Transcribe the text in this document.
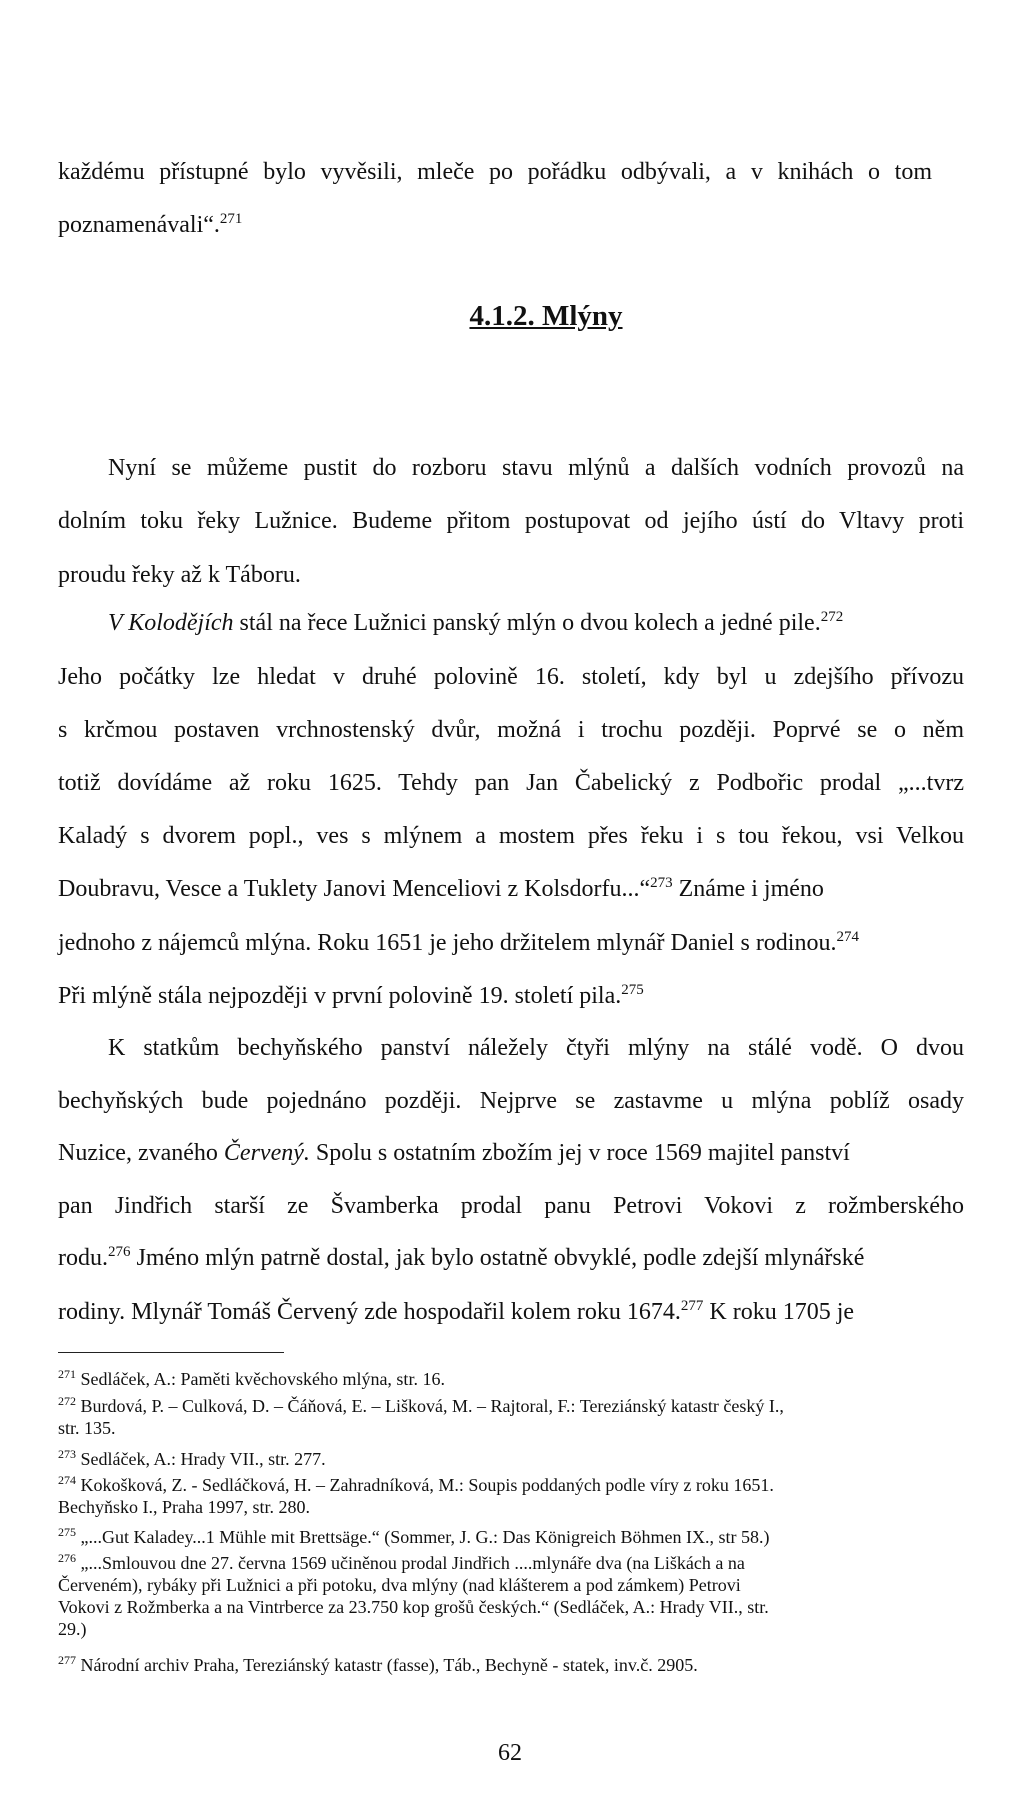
každému přístupné bylo vyvěsili, mleče po pořádku odbývali, a v knihách o tom
poznamenávali“.$^{271}$
4.1.2. Mlýny
Nyní se můžeme pustit do rozboru stavu mlýnů a dalších vodních provozů na
dolním toku řeky Lužnice. Budeme přitom postupovat od jejího ústí do Vltavy proti
proudu řeky až k Táboru.
V Kolodějích stál na řece Lužnici panský mlýn o dvou kolech a jedné pile.$^{272}$
Jeho počátky lze hledat v druhé polovině 16. století, kdy byl u zdejšího přívozu
s krčmou postaven vrchnostenský dvůr, možná i trochu později. Poprvé se o něm
totiž dovídáme až roku 1625. Tehdy pan Jan Čabelický z Podbořic prodal „...tvrz
Kaladý s dvorem popl., ves s mlýnem a mostem přes řeku i s tou řekou, vsi Velkou
Doubravu, Vesce a Tuklety Janovi Menceliovi z Kolsdorfu...“$^{273}$ Známe i jméno
jednoho z nájemců mlýna. Roku 1651 je jeho držitelem mlynář Daniel s rodinou.$^{274}$
Při mlýně stála nejpozději v první polovině 19. století pila.$^{275}$
K statkům bechyňského panství náležely čtyři mlýny na stálé vodě. O dvou
bechyňských bude pojednáno později. Nejprve se zastavme u mlýna poblíž osady
Nuzice, zvaného Červený. Spolu s ostatním zbožím jej v roce 1569 majitel panství
pan Jindřich starší ze Švamberka prodal panu Petrovi Vokovi z rožmberského
rodu.$^{276}$ Jméno mlýn patrně dostal, jak bylo ostatně obvyklé, podle zdejší mlynářské
rodiny. Mlynář Tomáš Červený zde hospodařil kolem roku 1674.$^{277}$ K roku 1705 je
$^{271}$ Sedláček, A.: Paměti kvěchovského mlýna, str. 16.
$^{272}$ Burdová, P. – Culková, D. – Čáňová, E. – Lišková, M. – Rajtoral, F.: Tereziánský katastr český I.,
str. 135.
$^{273}$ Sedláček, A.: Hrady VII., str. 277.
$^{274}$ Kokošková, Z. - Sedláčková, H. – Zahradníková, M.: Soupis poddaných podle víry z roku 1651.
Bechyňsko I., Praha 1997, str. 280.
$^{275}$ „...Gut Kaladey...1 Mühle mit Brettsäge.“ (Sommer, J. G.: Das Königreich Böhmen IX., str 58.)
$^{276}$ „...Smlouvou dne 27. června 1569 učiněnou prodal Jindřich ....mlynáře dva (na Liškách a na
Červeném), rybáky při Lužnici a při potoku, dva mlýny (nad klášterem a pod zámkem) Petrovi
Vokovi z Rožmberka a na Vintrberce za 23.750 kop grošů českých.“ (Sedláček, A.: Hrady VII., str.
29.)
$^{277}$ Národní archiv Praha, Tereziánský katastr (fasse), Táb., Bechyně - statek, inv.č. 2905.
62
